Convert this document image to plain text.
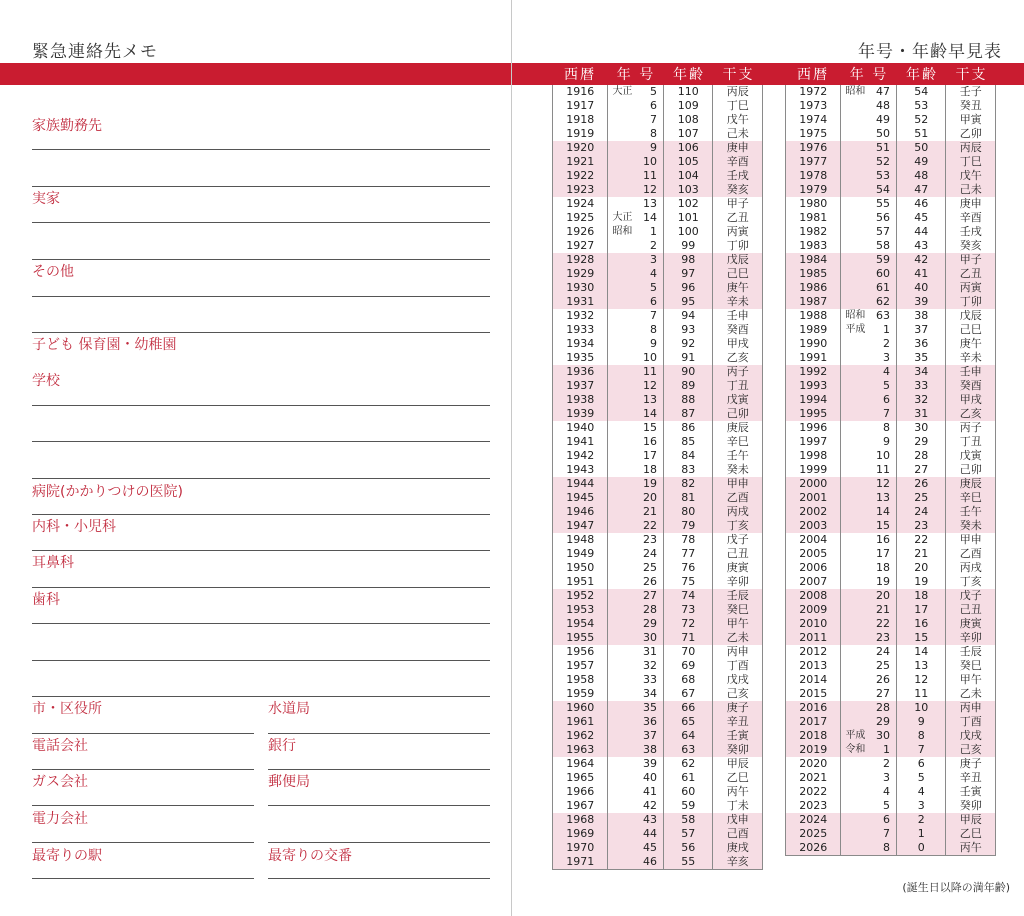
緊急連絡先メモ	年号・年齢早見表
家族勤務先
実家
その他
子ども 保育園・幼稚園
学校
病院(かかりつけの医院)
内科・小児科
耳鼻科
歯科
市・区役所	水道局
電話会社	銀行
ガス会社	郵便局
電力会社
最寄りの駅	最寄りの交番
西暦	年 号	年齢	干支
1916	大正 5	110	丙辰
1917	6	109	丁巳
1918	7	108	戊午
1919	8	107	己未
1920	9	106	庚申
1921	10	105	辛酉
1922	11	104	壬戌
1923	12	103	癸亥
1924	13	102	甲子
1925	大正 14	101	乙丑
1926	昭和 1	100	丙寅
1927	2	99	丁卯
1928	3	98	戊辰
1929	4	97	己巳
1930	5	96	庚午
1931	6	95	辛未
1932	7	94	壬申
1933	8	93	癸酉
1934	9	92	甲戌
1935	10	91	乙亥
1936	11	90	丙子
1937	12	89	丁丑
1938	13	88	戊寅
1939	14	87	己卯
1940	15	86	庚辰
1941	16	85	辛巳
1942	17	84	壬午
1943	18	83	癸未
1944	19	82	甲申
1945	20	81	乙酉
1946	21	80	丙戌
1947	22	79	丁亥
1948	23	78	戊子
1949	24	77	己丑
1950	25	76	庚寅
1951	26	75	辛卯
1952	27	74	壬辰
1953	28	73	癸巳
1954	29	72	甲午
1955	30	71	乙未
1956	31	70	丙申
1957	32	69	丁酉
1958	33	68	戊戌
1959	34	67	己亥
1960	35	66	庚子
1961	36	65	辛丑
1962	37	64	壬寅
1963	38	63	癸卯
1964	39	62	甲辰
1965	40	61	乙巳
1966	41	60	丙午
1967	42	59	丁未
1968	43	58	戊申
1969	44	57	己酉
1970	45	56	庚戌
1971	46	55	辛亥
西暦	年 号	年齢	干支
1972	昭和 47	54	壬子
1973	48	53	癸丑
1974	49	52	甲寅
1975	50	51	乙卯
1976	51	50	丙辰
1977	52	49	丁巳
1978	53	48	戊午
1979	54	47	己未
1980	55	46	庚申
1981	56	45	辛酉
1982	57	44	壬戌
1983	58	43	癸亥
1984	59	42	甲子
1985	60	41	乙丑
1986	61	40	丙寅
1987	62	39	丁卯
1988	昭和 63	38	戊辰
1989	平成 1	37	己巳
1990	2	36	庚午
1991	3	35	辛未
1992	4	34	壬申
1993	5	33	癸酉
1994	6	32	甲戌
1995	7	31	乙亥
1996	8	30	丙子
1997	9	29	丁丑
1998	10	28	戊寅
1999	11	27	己卯
2000	12	26	庚辰
2001	13	25	辛巳
2002	14	24	壬午
2003	15	23	癸未
2004	16	22	甲申
2005	17	21	乙酉
2006	18	20	丙戌
2007	19	19	丁亥
2008	20	18	戊子
2009	21	17	己丑
2010	22	16	庚寅
2011	23	15	辛卯
2012	24	14	壬辰
2013	25	13	癸巳
2014	26	12	甲午
2015	27	11	乙未
2016	28	10	丙申
2017	29	9	丁酉
2018	平成 30	8	戊戌
2019	令和 1	7	己亥
2020	2	6	庚子
2021	3	5	辛丑
2022	4	4	壬寅
2023	5	3	癸卯
2024	6	2	甲辰
2025	7	1	乙巳
2026	8	0	丙午
(誕生日以降の満年齢)
